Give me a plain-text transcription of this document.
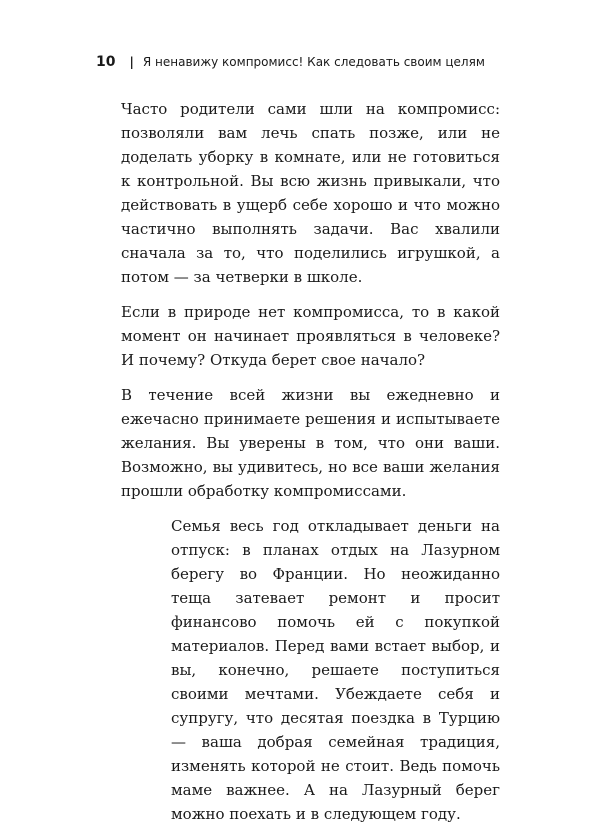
10 | Я ненавижу компромисс! Как следовать своим целям

Часто родители сами шли на компромисс: позволяли вам лечь спать позже, или не доделать уборку в комнате, или не готовиться к контрольной. Вы всю жизнь привыкали, что действовать в ущерб себе хорошо и что можно частично выполнять задачи. Вас хвалили сначала за то, что поделились игрушкой, а потом — за четверки в школе.

Если в природе нет компромисса, то в какой момент он начинает проявляться в человеке? И почему? Откуда берет свое начало?

В течение всей жизни вы ежедневно и ежечасно принимаете решения и испытываете желания. Вы уверены в том, что они ваши. Возможно, вы удивитесь, но все ваши желания прошли обработку компромиссами.

Семья весь год откладывает деньги на отпуск: в планах отдых на Лазурном берегу во Франции. Но неожиданно теща затевает ремонт и просит финансово помочь ей с покупкой материалов. Перед вами встает выбор, и вы, конечно, решаете поступиться своими мечтами. Убеждаете себя и супругу, что десятая поездка в Турцию — ваша добрая семейная традиция, изменять которой не стоит. Ведь помочь маме важнее. А на Лазурный берег можно поехать и в следующем году.
